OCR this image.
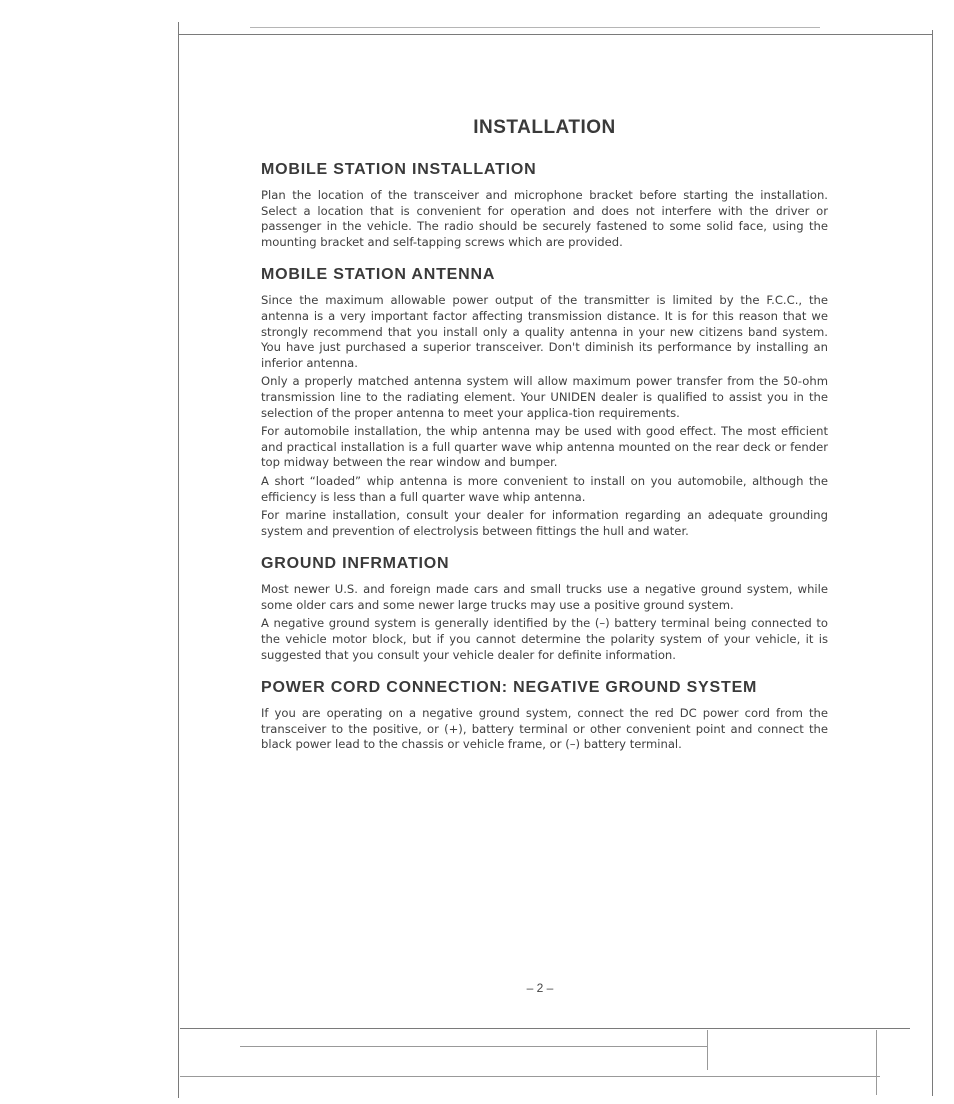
INSTALLATION
MOBILE STATION INSTALLATION

Plan the location of the transceiver and microphone bracket before starting the installation. Select a location that is convenient for operation and does not interfere with the driver or passenger in the vehicle. The radio should be securely fastened to some solid face, using the mounting bracket and self-tapping screws which are provided.

MOBILE STATION ANTENNA

Since the maximum allowable power output of the transmitter is limited by the F.C.C., the antenna is a very important factor affecting transmission distance. It is for this reason that we strongly recommend that you install only a quality antenna in your new citizens band system. You have just purchased a superior transceiver. Don't diminish its performance by installing an inferior antenna.

Only a properly matched antenna system will allow maximum power transfer from the 50-ohm transmission line to the radiating element. Your UNIDEN dealer is qualified to assist you in the selection of the proper antenna to meet your applica-tion requirements.

For automobile installation, the whip antenna may be used with good effect. The most efficient and practical installation is a full quarter wave whip antenna mounted on the rear deck or fender top midway between the rear window and bumper.

A short “loaded” whip antenna is more convenient to install on you automobile, although the efficiency is less than a full quarter wave whip antenna.

For marine installation, consult your dealer for information regarding an adequate grounding system and prevention of electrolysis between fittings the hull and water.

GROUND INFRMATION

Most newer U.S. and foreign made cars and small trucks use a negative ground system, while some older cars and some newer large trucks may use a positive ground system.

A negative ground system is generally identified by the (–) battery terminal being connected to the vehicle motor block, but if you cannot determine the polarity system of your vehicle, it is suggested that you consult your vehicle dealer for definite information.

POWER CORD CONNECTION: NEGATIVE GROUND SYSTEM

If you are operating on a negative ground system, connect the red DC power cord from the transceiver to the positive, or (+), battery terminal or other convenient point and connect the black power lead to the chassis or vehicle frame, or (–) battery terminal.

– 2 –
